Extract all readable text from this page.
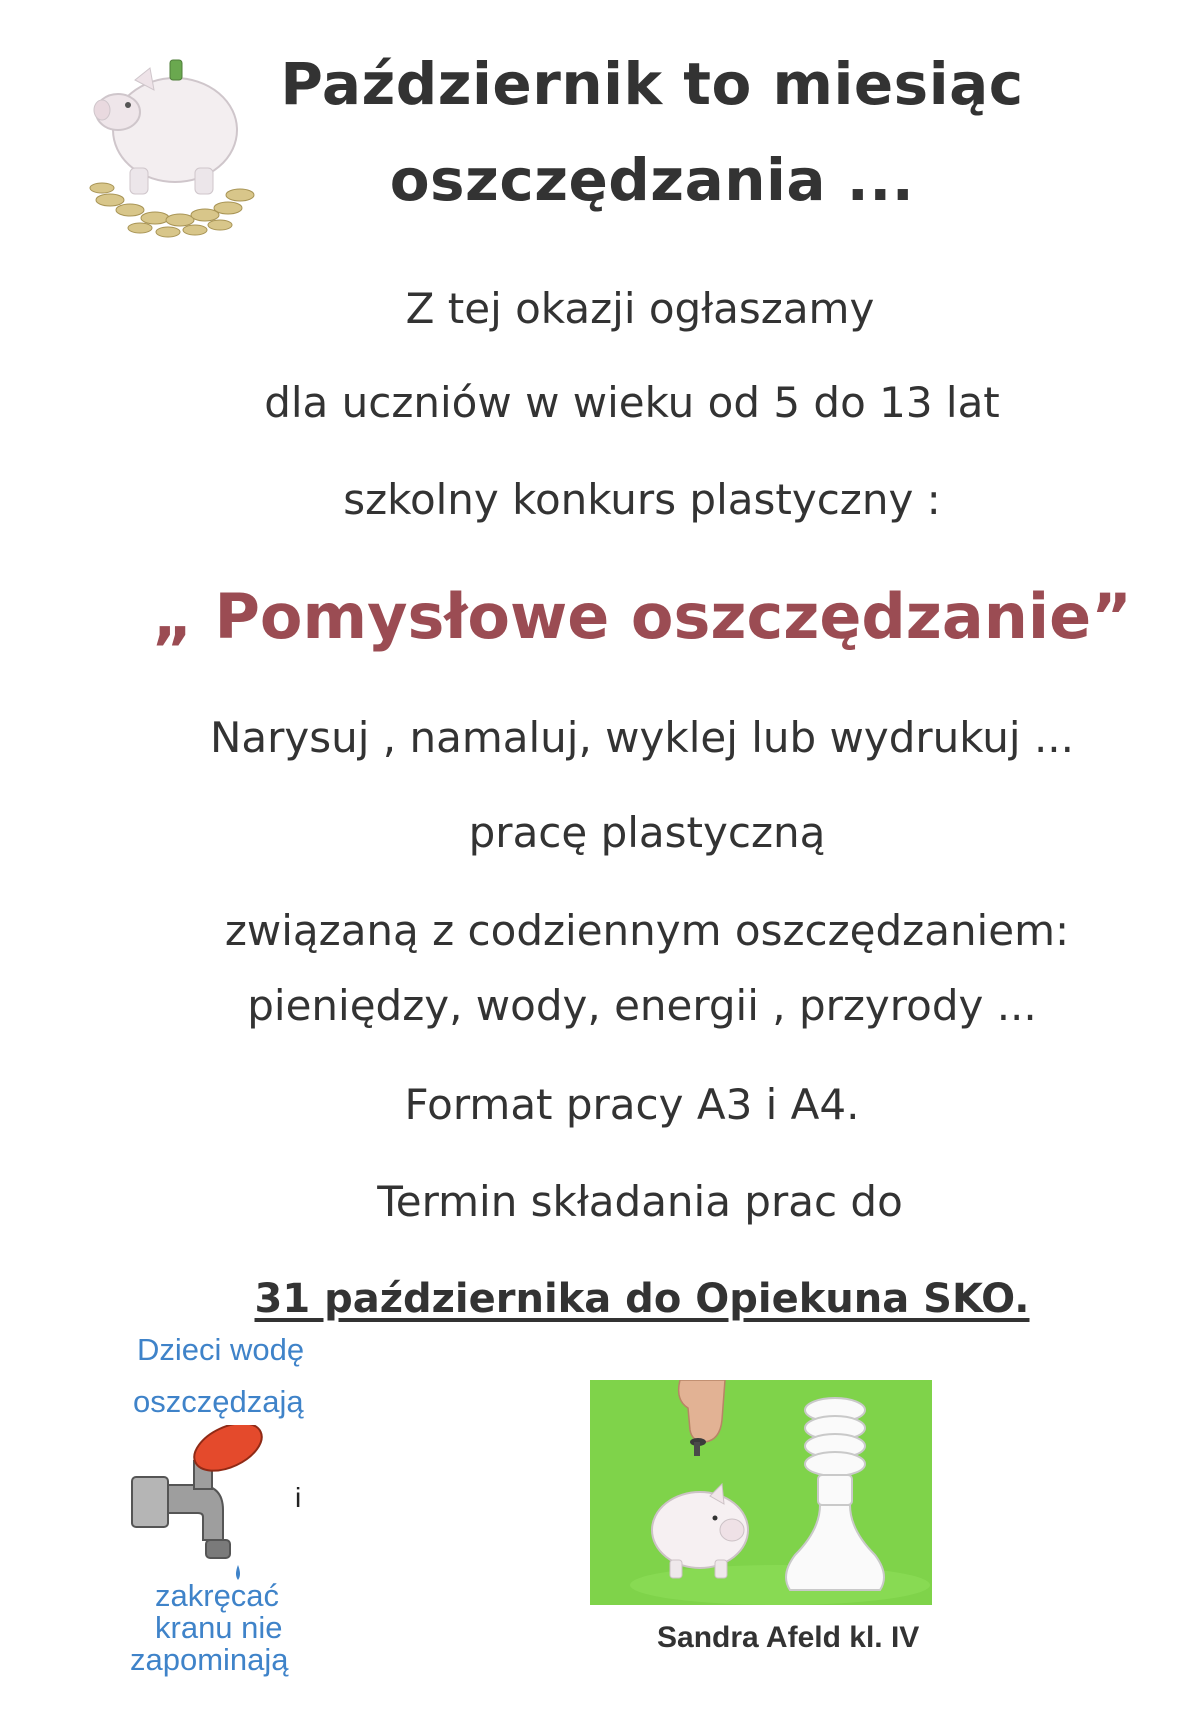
Październik to miesiąc
oszczędzania ...
Z tej okazji ogłaszamy
dla uczniów w wieku od 5 do 13 lat
szkolny konkurs plastyczny :
„ Pomysłowe oszczędzanie”
Narysuj , namaluj, wyklej lub wydrukuj ...
pracę plastyczną
związaną z codziennym oszczędzaniem:
pieniędzy, wody, energii , przyrody ...
Format pracy A3 i A4.
Termin składania prac do
31 października do Opiekuna SKO.
Dzieci wodę
oszczędzają
i
zakręcać
kranu nie
zapominają
Sandra Afeld kl. IV
